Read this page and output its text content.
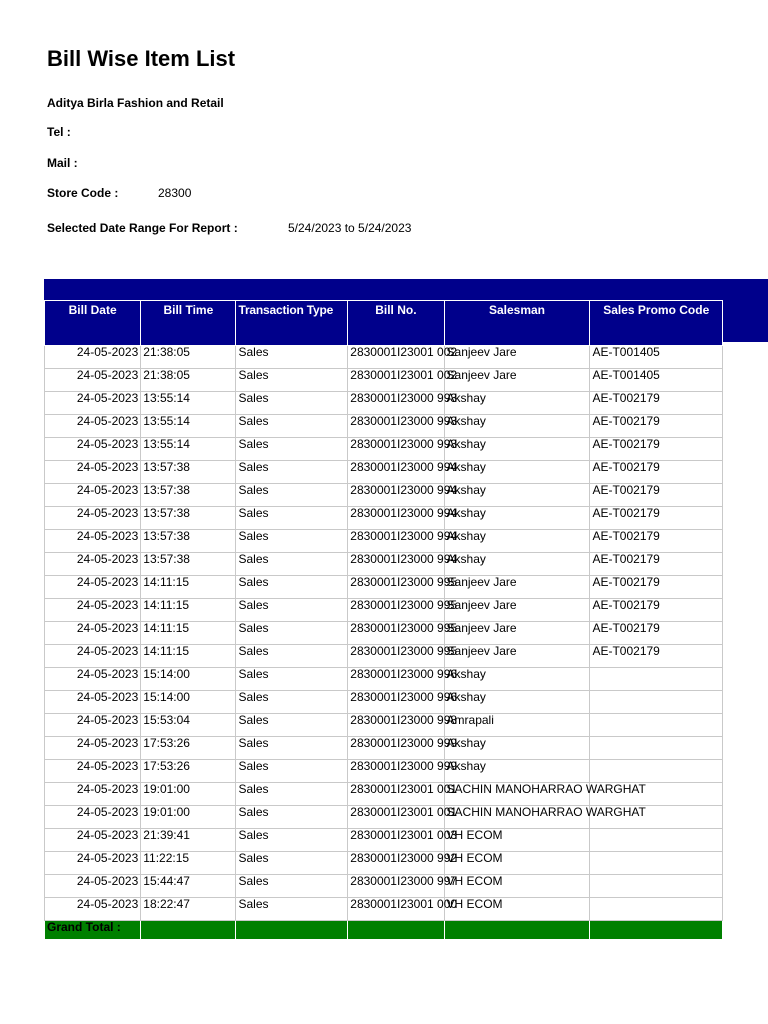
Bill Wise Item List
Aditya Birla Fashion and Retail
Tel :
Mail :
Store Code :	28300
Selected Date Range For Report :	5/24/2023 to 5/24/2023
Bill Date	Bill Time	Transaction Type	Bill No.	Salesman	Sales Promo Code

24-05-2023	21:38:05	Sales	2830001I23001 002	Sanjeev Jare	AE-T001405

24-05-2023	21:38:05	Sales	2830001I23001 002	Sanjeev Jare	AE-T001405

24-05-2023	13:55:14	Sales	2830001I23000 993	Akshay	AE-T002179

24-05-2023	13:55:14	Sales	2830001I23000 993	Akshay	AE-T002179

24-05-2023	13:55:14	Sales	2830001I23000 993	Akshay	AE-T002179

24-05-2023	13:57:38	Sales	2830001I23000 994	Akshay	AE-T002179

24-05-2023	13:57:38	Sales	2830001I23000 994	Akshay	AE-T002179

24-05-2023	13:57:38	Sales	2830001I23000 994	Akshay	AE-T002179

24-05-2023	13:57:38	Sales	2830001I23000 994	Akshay	AE-T002179

24-05-2023	13:57:38	Sales	2830001I23000 994	Akshay	AE-T002179

24-05-2023	14:11:15	Sales	2830001I23000 995	Sanjeev Jare	AE-T002179

24-05-2023	14:11:15	Sales	2830001I23000 995	Sanjeev Jare	AE-T002179

24-05-2023	14:11:15	Sales	2830001I23000 995	Sanjeev Jare	AE-T002179

24-05-2023	14:11:15	Sales	2830001I23000 995	Sanjeev Jare	AE-T002179

24-05-2023	15:14:00	Sales	2830001I23000 996	Akshay	

24-05-2023	15:14:00	Sales	2830001I23000 996	Akshay	

24-05-2023	15:53:04	Sales	2830001I23000 998	Amrapali	

24-05-2023	17:53:26	Sales	2830001I23000 999	Akshay	

24-05-2023	17:53:26	Sales	2830001I23000 999	Akshay	

24-05-2023	19:01:00	Sales	2830001I23001 001	SACHIN MANOHARRAO WARGHAT	

24-05-2023	19:01:00	Sales	2830001I23001 001	SACHIN MANOHARRAO WARGHAT	

24-05-2023	21:39:41	Sales	2830001I23001 003	VH ECOM	

24-05-2023	11:22:15	Sales	2830001I23000 992	VH ECOM	

24-05-2023	15:44:47	Sales	2830001I23000 997	VH ECOM	

24-05-2023	18:22:47	Sales	2830001I23001 000	VH ECOM	

Grand Total :					
